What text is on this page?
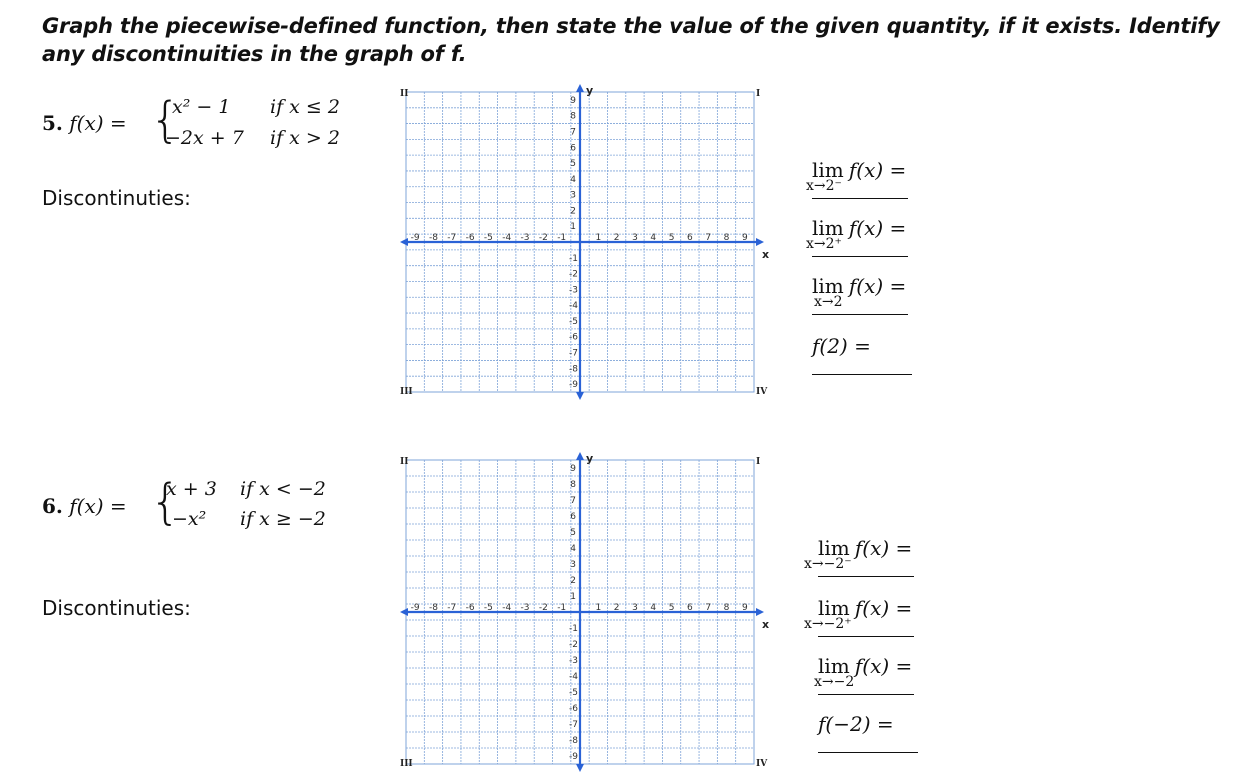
Graph the piecewise-defined function, then state the value of the given quantity, if it exists. Identify any discontinuities in the graph of f.
5. f(x) = {
x² − 1 if x ≤ 2
−2x + 7 if x > 2
Discontinuties:
lim f(x) =
x→2⁻
lim f(x) =
x→2⁺
lim f(x) =
x→2
f(2) =
6. f(x) = {
x + 3 if x < −2
−x² if x ≥ −2
Discontinuties:
lim f(x) =
x→−2⁻
lim f(x) =
x→−2⁺
lim f(x) =
x→−2
f(−2) =
-9 -8 -7 -6 -5 -4 -3 -2 -1	1 2 3 4 5 6 7 8 9
9
8
7
6
5
4
3
2
1
-1
-2
-3
-4
-5
-6
-7
-8
-9
x
y
II	I
III	IV
-9 -8 -7 -6 -5 -4 -3 -2 -1	1 2 3 4 5 6 7 8 9
9
8
7
6
5
4
3
2
1
-1
-2
-3
-4
-5
-6
-7
-8
-9
x
y
II	I
III	IV
